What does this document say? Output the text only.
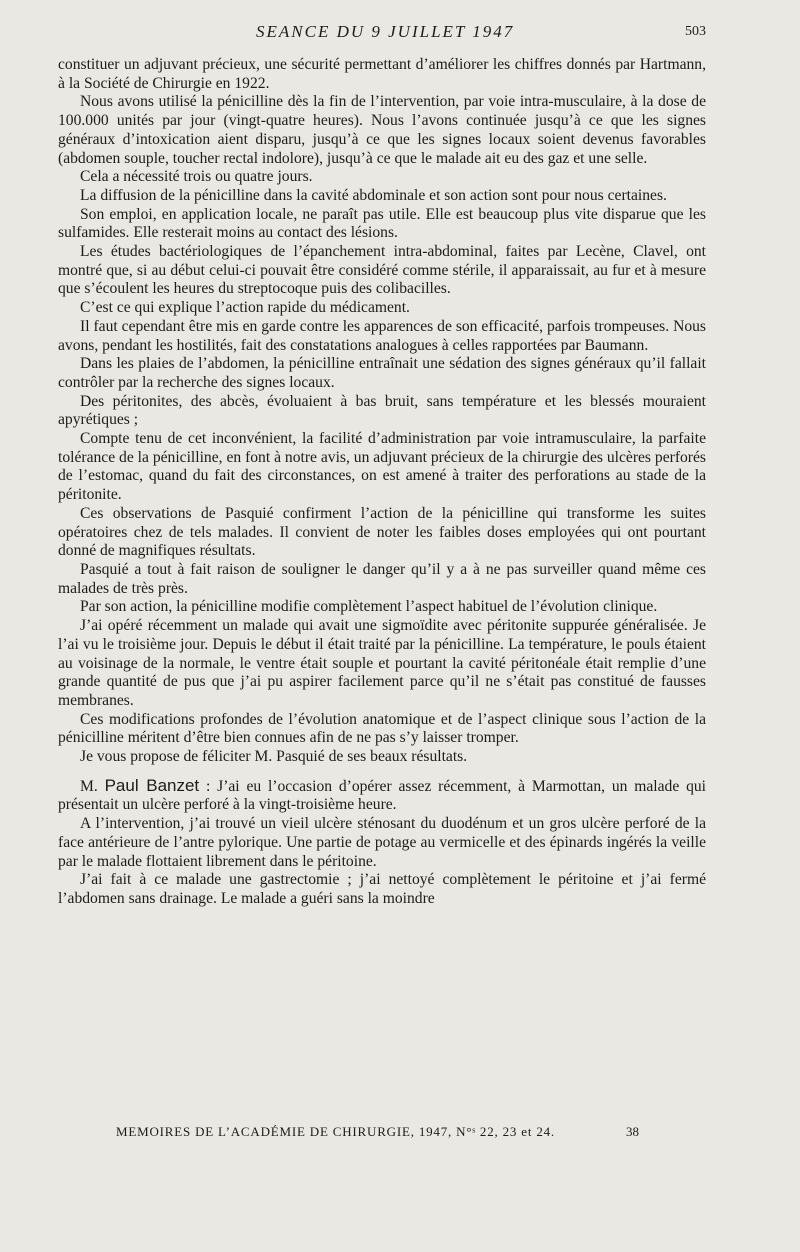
SEANCE DU 9 JUILLET 1947	503

constituer un adjuvant précieux, une sécurité permettant d’améliorer les chiffres donnés par Hartmann, à la Société de Chirurgie en 1922.

Nous avons utilisé la pénicilline dès la fin de l’intervention, par voie intra-musculaire, à la dose de 100.000 unités par jour (vingt-quatre heures). Nous l’avons continuée jusqu’à ce que les signes généraux d’intoxication aient disparu, jusqu’à ce que les signes locaux soient devenus favorables (abdomen souple, toucher rectal indolore), jusqu’à ce que le malade ait eu des gaz et une selle.

Cela a nécessité trois ou quatre jours.

La diffusion de la pénicilline dans la cavité abdominale et son action sont pour nous certaines.

Son emploi, en application locale, ne paraît pas utile. Elle est beaucoup plus vite disparue que les sulfamides. Elle resterait moins au contact des lésions.

Les études bactériologiques de l’épanchement intra-abdominal, faites par Lecène, Clavel, ont montré que, si au début celui-ci pouvait être considéré comme stérile, il apparaissait, au fur et à mesure que s’écoulent les heures du streptocoque puis des colibacilles.

C’est ce qui explique l’action rapide du médicament.

Il faut cependant être mis en garde contre les apparences de son efficacité, parfois trompeuses. Nous avons, pendant les hostilités, fait des constatations analogues à celles rapportées par Baumann.

Dans les plaies de l’abdomen, la pénicilline entraînait une sédation des signes généraux qu’il fallait contrôler par la recherche des signes locaux.

Des péritonites, des abcès, évoluaient à bas bruit, sans température et les blessés mouraient apyrétiques ;

Compte tenu de cet inconvénient, la facilité d’administration par voie intramusculaire, la parfaite tolérance de la pénicilline, en font à notre avis, un adjuvant précieux de la chirurgie des ulcères perforés de l’estomac, quand du fait des circonstances, on est amené à traiter des perforations au stade de la péritonite.

Ces observations de Pasquié confirment l’action de la pénicilline qui transforme les suites opératoires chez de tels malades. Il convient de noter les faibles doses employées qui ont pourtant donné de magnifiques résultats.

Pasquié a tout à fait raison de souligner le danger qu’il y a à ne pas surveiller quand même ces malades de très près.

Par son action, la pénicilline modifie complètement l’aspect habituel de l’évolution clinique.

J’ai opéré récemment un malade qui avait une sigmoïdite avec péritonite suppurée généralisée. Je l’ai vu le troisième jour. Depuis le début il était traité par la pénicilline. La température, le pouls étaient au voisinage de la normale, le ventre était souple et pourtant la cavité péritonéale était remplie d’une grande quantité de pus que j’ai pu aspirer facilement parce qu’il ne s’était pas constitué de fausses membranes.

Ces modifications profondes de l’évolution anatomique et de l’aspect clinique sous l’action de la pénicilline méritent d’être bien connues afin de ne pas s’y laisser tromper.

Je vous propose de féliciter M. Pasquié de ses beaux résultats.

M. Paul Banzet : J’ai eu l’occasion d’opérer assez récemment, à Marmottan, un malade qui présentait un ulcère perforé à la vingt-troisième heure.

A l’intervention, j’ai trouvé un vieil ulcère sténosant du duodénum et un gros ulcère perforé de la face antérieure de l’antre pylorique. Une partie de potage au vermicelle et des épinards ingérés la veille par le malade flottaient librement dans le péritoine.

J’ai fait à ce malade une gastrectomie ; j’ai nettoyé complètement le péritoine et j’ai fermé l’abdomen sans drainage. Le malade a guéri sans la moindre

MEMOIRES DE L’ACADÉMIE DE CHIRURGIE, 1947, N°ˢ 22, 23 et 24.	38
